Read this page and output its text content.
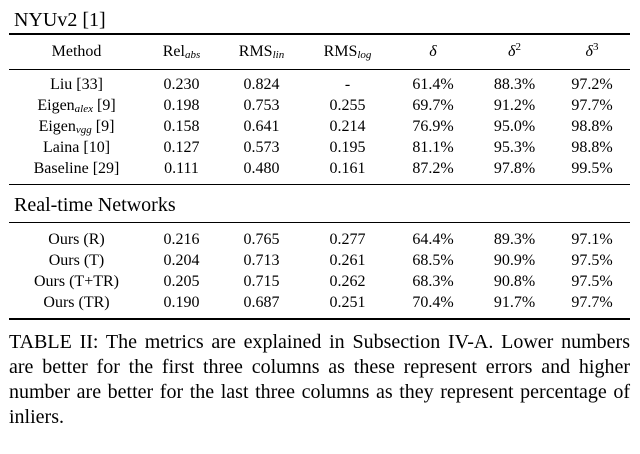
NYUv2 [1]
Method	Rel$_{abs}$	$RMS_{lin}$	$RMS_{log}$	δ	$\delta^2$	$\delta^3$
Liu [33]	0.230	0.824	-	61.4%	88.3%	97.2%
Eigen$_{alex}$ [9]	0.198	0.753	0.255	69.7%	91.2%	97.7%
Eigen$_{vgg}$ [9]	0.158	0.641	0.214	76.9%	95.0%	98.8%
Laina [10]	0.127	0.573	0.195	81.1%	95.3%	98.8%
Baseline [29]	0.111	0.480	0.161	87.2%	97.8%	99.5%
Real-time Networks
Ours (R)	0.216	0.765	0.277	64.4%	89.3%	97.1%
Ours (T)	0.204	0.713	0.261	68.5%	90.9%	97.5%
Ours (T+TR)	0.205	0.715	0.262	68.3%	90.8%	97.5%
Ours (TR)	0.190	0.687	0.251	70.4%	91.7%	97.7%
TABLE II: The metrics are explained in Subsection IV-A. Lower numbers are better for the first three columns as these represent errors and higher number are better for the last three columns as they represent percentage of inliers.
